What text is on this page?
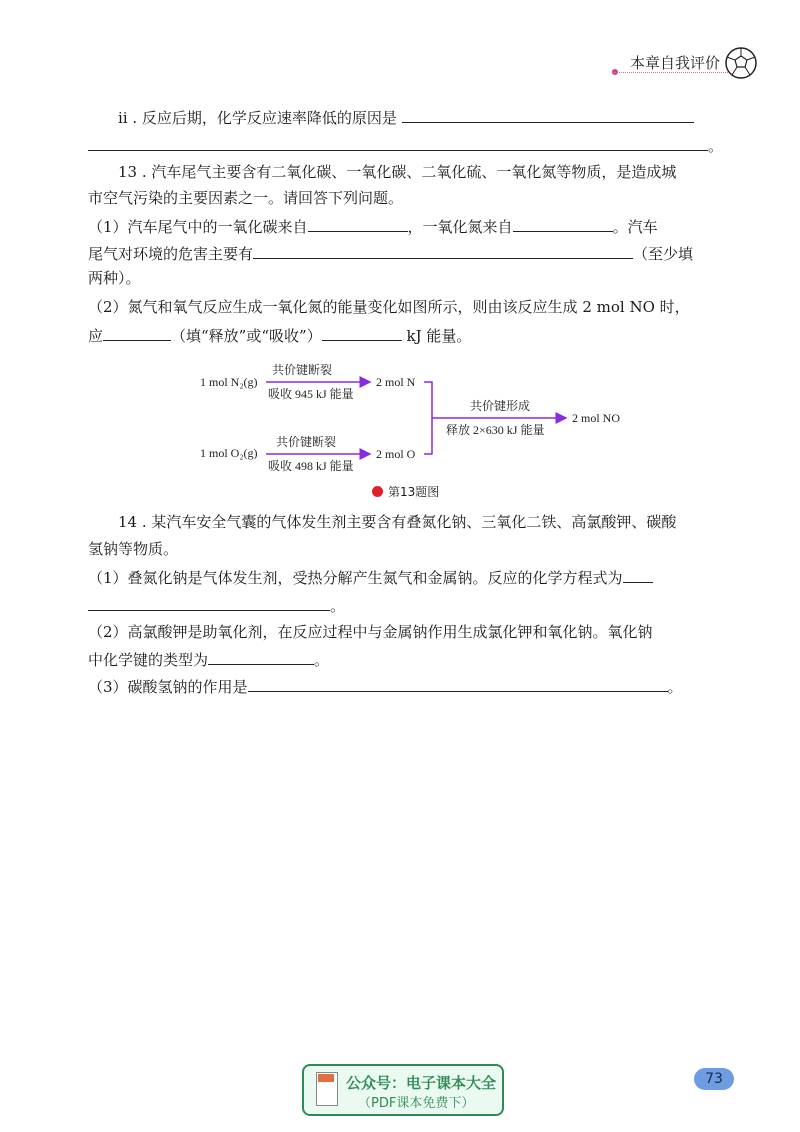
本章自我评价
ⅱ . 反应后期，化学反应速率降低的原因是
。
13 . 汽车尾气主要含有二氧化碳、一氧化碳、二氧化硫、一氧化氮等物质，是造成城
市空气污染的主要因素之一。请回答下列问题。
（1）汽车尾气中的一氧化碳来自	，一氧化氮来自	。汽车
尾气对环境的危害主要有	（至少填
两种）。
（2）氮气和氧气反应生成一氧化氮的能量变化如图所示，则由该反应生成 2 mol NO 时，
应	（填“释放”或“吸收”）	kJ 能量。
1 mol N₂(g)
共价键断裂
吸收 945 kJ 能量
2 mol N
1 mol O₂(g)
共价键断裂
吸收 498 kJ 能量
2 mol O
共价键形成
释放 2×630 kJ 能量
2 mol NO
第13题图
14 . 某汽车安全气囊的气体发生剂主要含有叠氮化钠、三氧化二铁、高氯酸钾、碳酸
氢钠等物质。
（1）叠氮化钠是气体发生剂，受热分解产生氮气和金属钠。反应的化学方程式为
。
（2）高氯酸钾是助氧化剂，在反应过程中与金属钠作用生成氯化钾和氧化钠。氧化钠
中化学键的类型为	。
（3）碳酸氢钠的作用是	。
公众号：电子课本大全
（PDF课本免费下）
73
